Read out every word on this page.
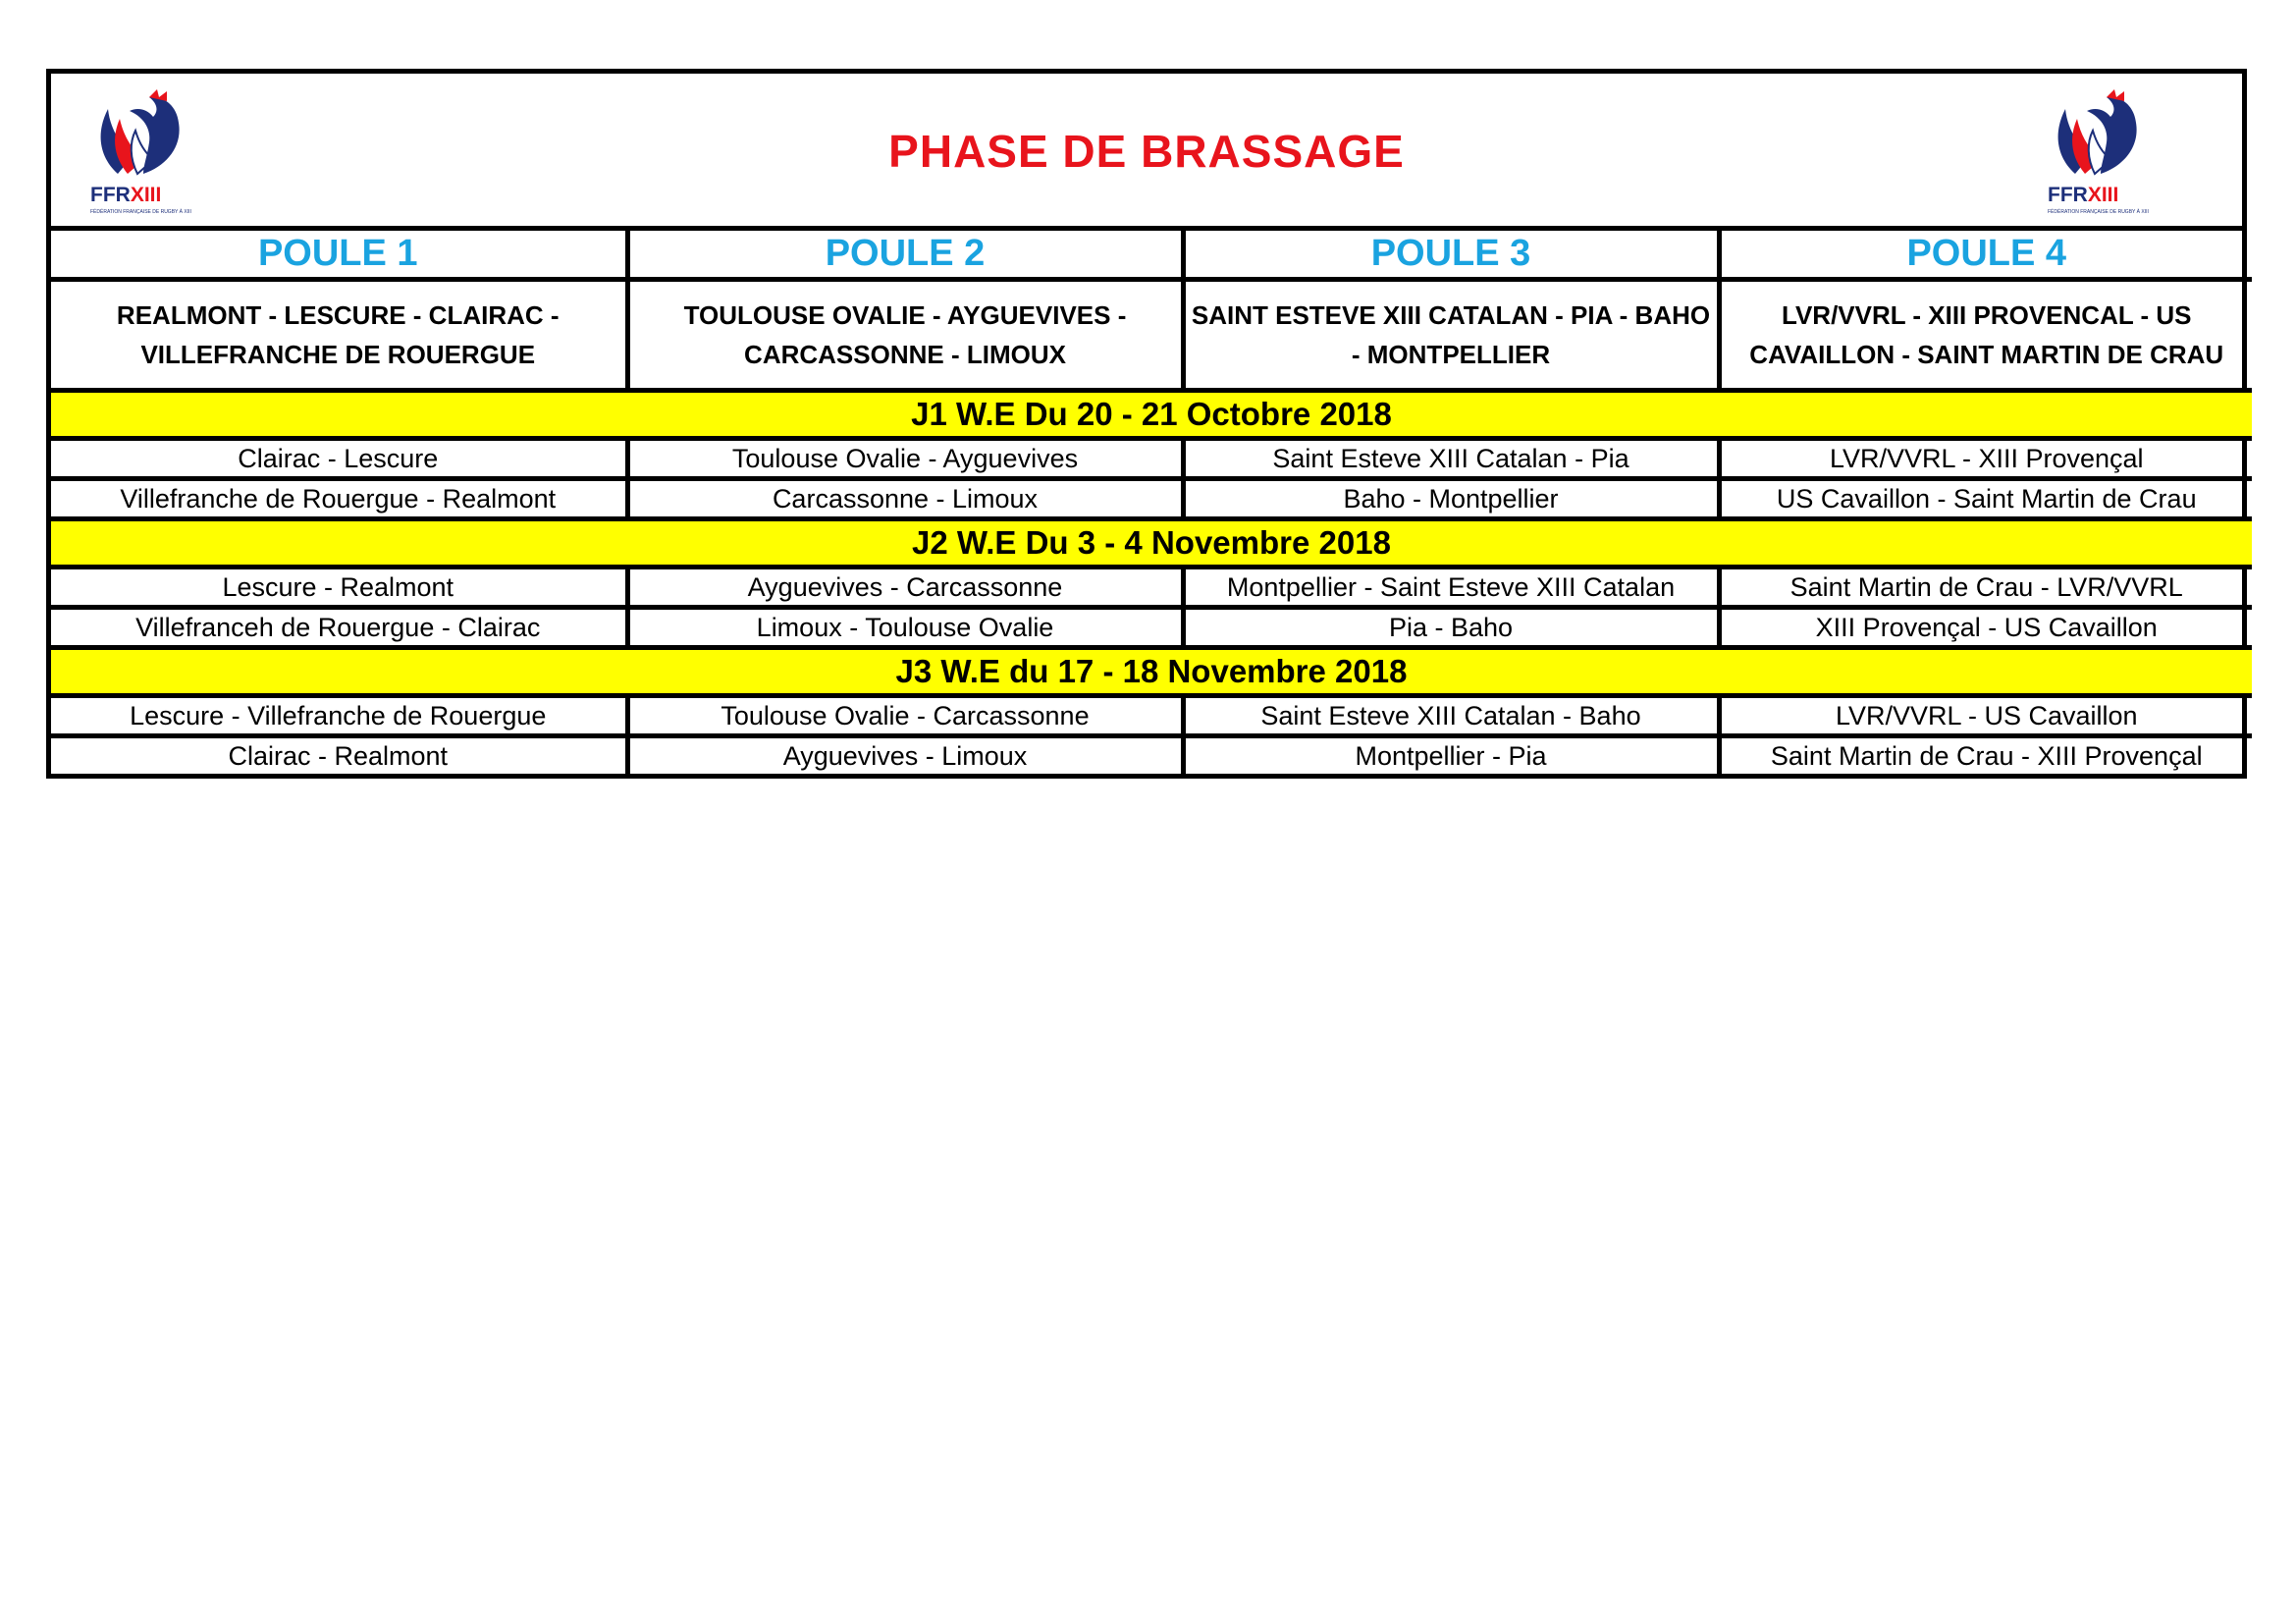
FFRXIII
FÉDÉRATION FRANÇAISE DE RUGBY À XIII
PHASE DE BRASSAGE
FFRXIII
FÉDÉRATION FRANÇAISE DE RUGBY À XIII
POULE 1	POULE 2	POULE 3	POULE 4
REALMONT - LESCURE - CLAIRAC - VILLEFRANCHE DE ROUERGUE	TOULOUSE OVALIE - AYGUEVIVES - CARCASSONNE - LIMOUX	SAINT ESTEVE XIII CATALAN - PIA - BAHO - MONTPELLIER	LVR/VVRL - XIII PROVENCAL - US CAVAILLON - SAINT MARTIN DE CRAU
J1 W.E Du 20 - 21 Octobre 2018			
Clairac - Lescure	Toulouse Ovalie - Ayguevives	Saint Esteve XIII Catalan - Pia	LVR/VVRL - XIII Provençal
Villefranche de Rouergue - Realmont	Carcassonne - Limoux	Baho - Montpellier	US Cavaillon - Saint Martin de Crau
J2 W.E Du 3 - 4 Novembre 2018			
Lescure - Realmont	Ayguevives - Carcassonne	Montpellier - Saint Esteve XIII Catalan	Saint Martin de Crau - LVR/VVRL
Villefranceh de Rouergue - Clairac	Limoux - Toulouse Ovalie	Pia - Baho	XIII Provençal - US Cavaillon
J3 W.E du 17 - 18 Novembre 2018			
Lescure - Villefranche de Rouergue	Toulouse Ovalie - Carcassonne	Saint Esteve XIII Catalan - Baho	LVR/VVRL - US Cavaillon
Clairac - Realmont	Ayguevives - Limoux	Montpellier - Pia	Saint Martin de Crau - XIII Provençal
